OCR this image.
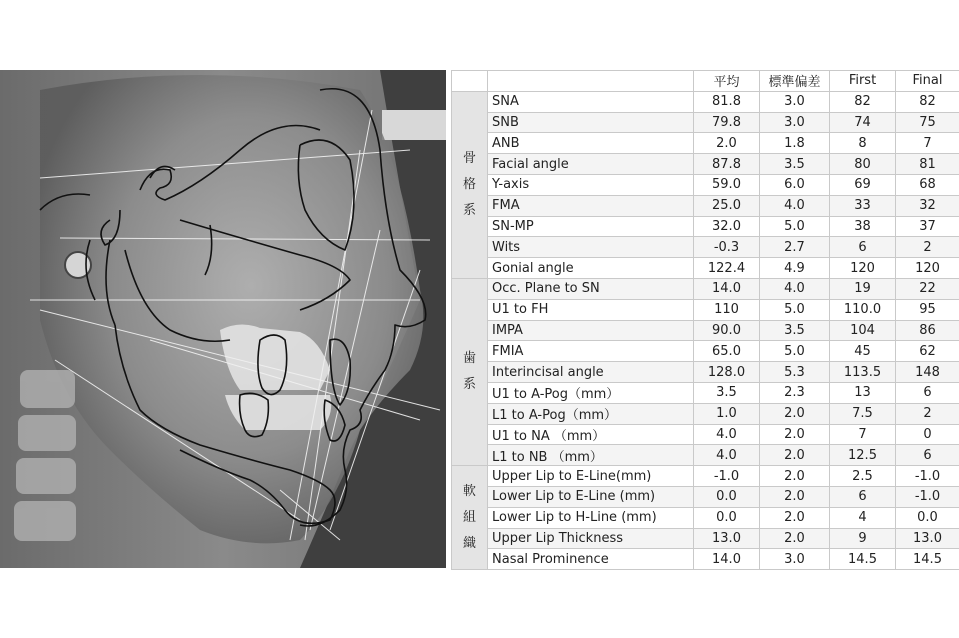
		平均	標準偏差	First	Final

骨
格
系	SNA	81.8	3.0	82	82
	SNB	79.8	3.0	74	75
	ANB	2.0	1.8	8	7
	Facial angle	87.8	3.5	80	81
	Y-axis	59.0	6.0	69	68
	FMA	25.0	4.0	33	32
	SN-MP	32.0	5.0	38	37
	Wits	-0.3	2.7	6	2
	Gonial angle	122.4	4.9	120	120

歯
系	Occ. Plane to SN	14.0	4.0	19	22
	U1 to FH	110	5.0	110.0	95
	IMPA	90.0	3.5	104	86
	FMIA	65.0	5.0	45	62
	Interincisal angle	128.0	5.3	113.5	148
	U1 to A-Pog（mm）	3.5	2.3	13	6
	L1 to A-Pog（mm）	1.0	2.0	7.5	2
	U1 to NA （mm）	4.0	2.0	7	0
	L1 to NB （mm）	4.0	2.0	12.5	6

軟
組
織	Upper Lip to E-Line(mm)	-1.0	2.0	2.5	-1.0
	Lower Lip to E-Line (mm)	0.0	2.0	6	-1.0
	Lower Lip to H-Line (mm)	0.0	2.0	4	0.0
	Upper Lip Thickness	13.0	2.0	9	13.0
	Nasal Prominence	14.0	3.0	14.5	14.5
